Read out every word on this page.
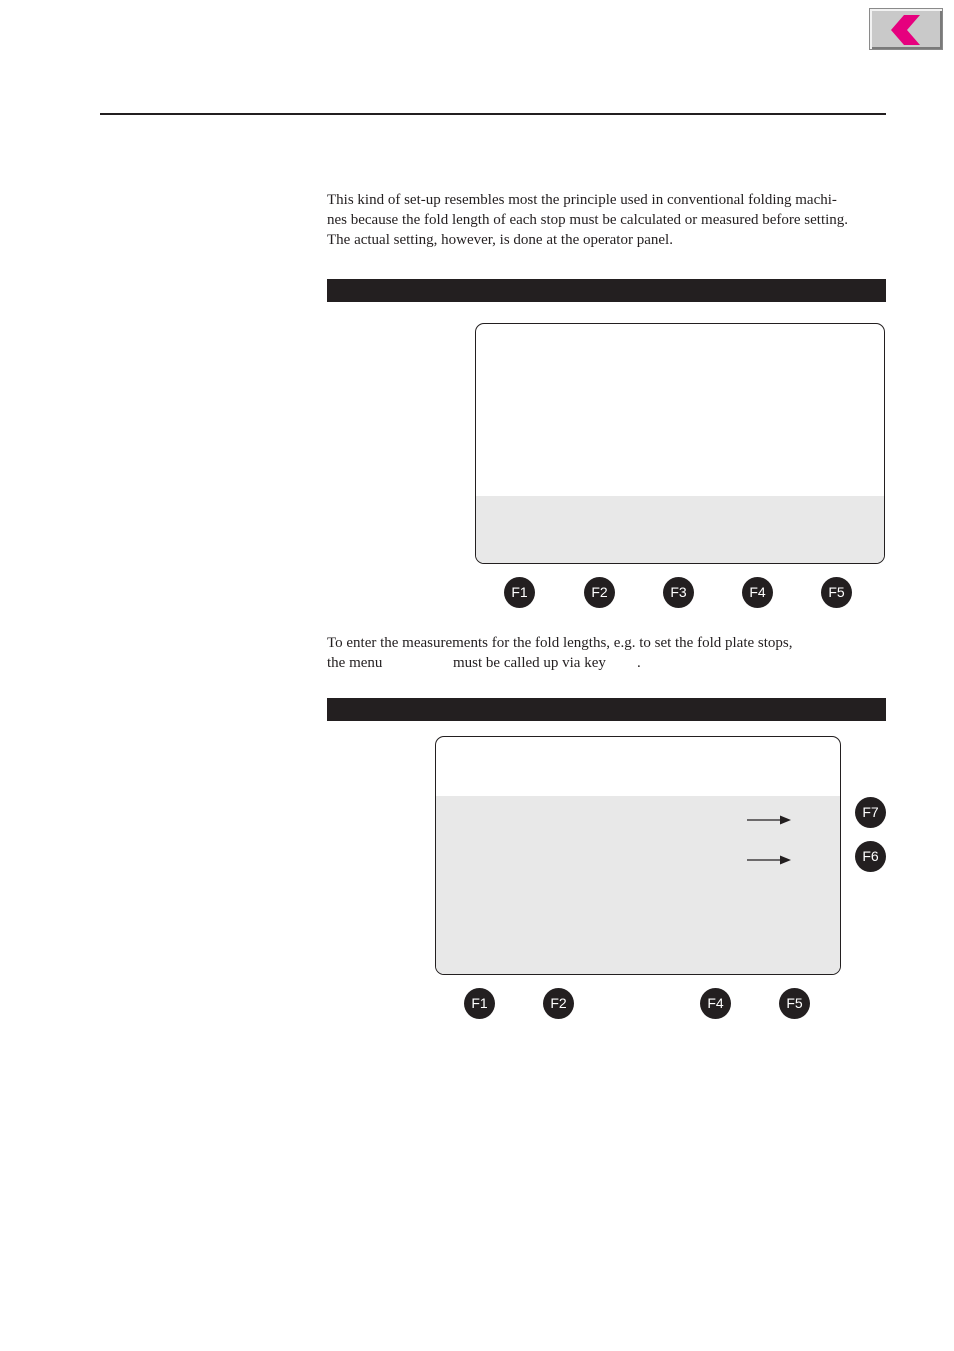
This kind of set-up resembles most the principle used in conventional folding machi-
nes because the fold length of each stop must be calculated or measured before setting.
The actual setting, however, is done at the operator panel.
F1	F2	F3	F4	F5
To enter the measurements for the fold lengths, e.g. to set the fold plate stops,
the menu	must be called up via key .
F7
F6
F1	F2	F4	F5
